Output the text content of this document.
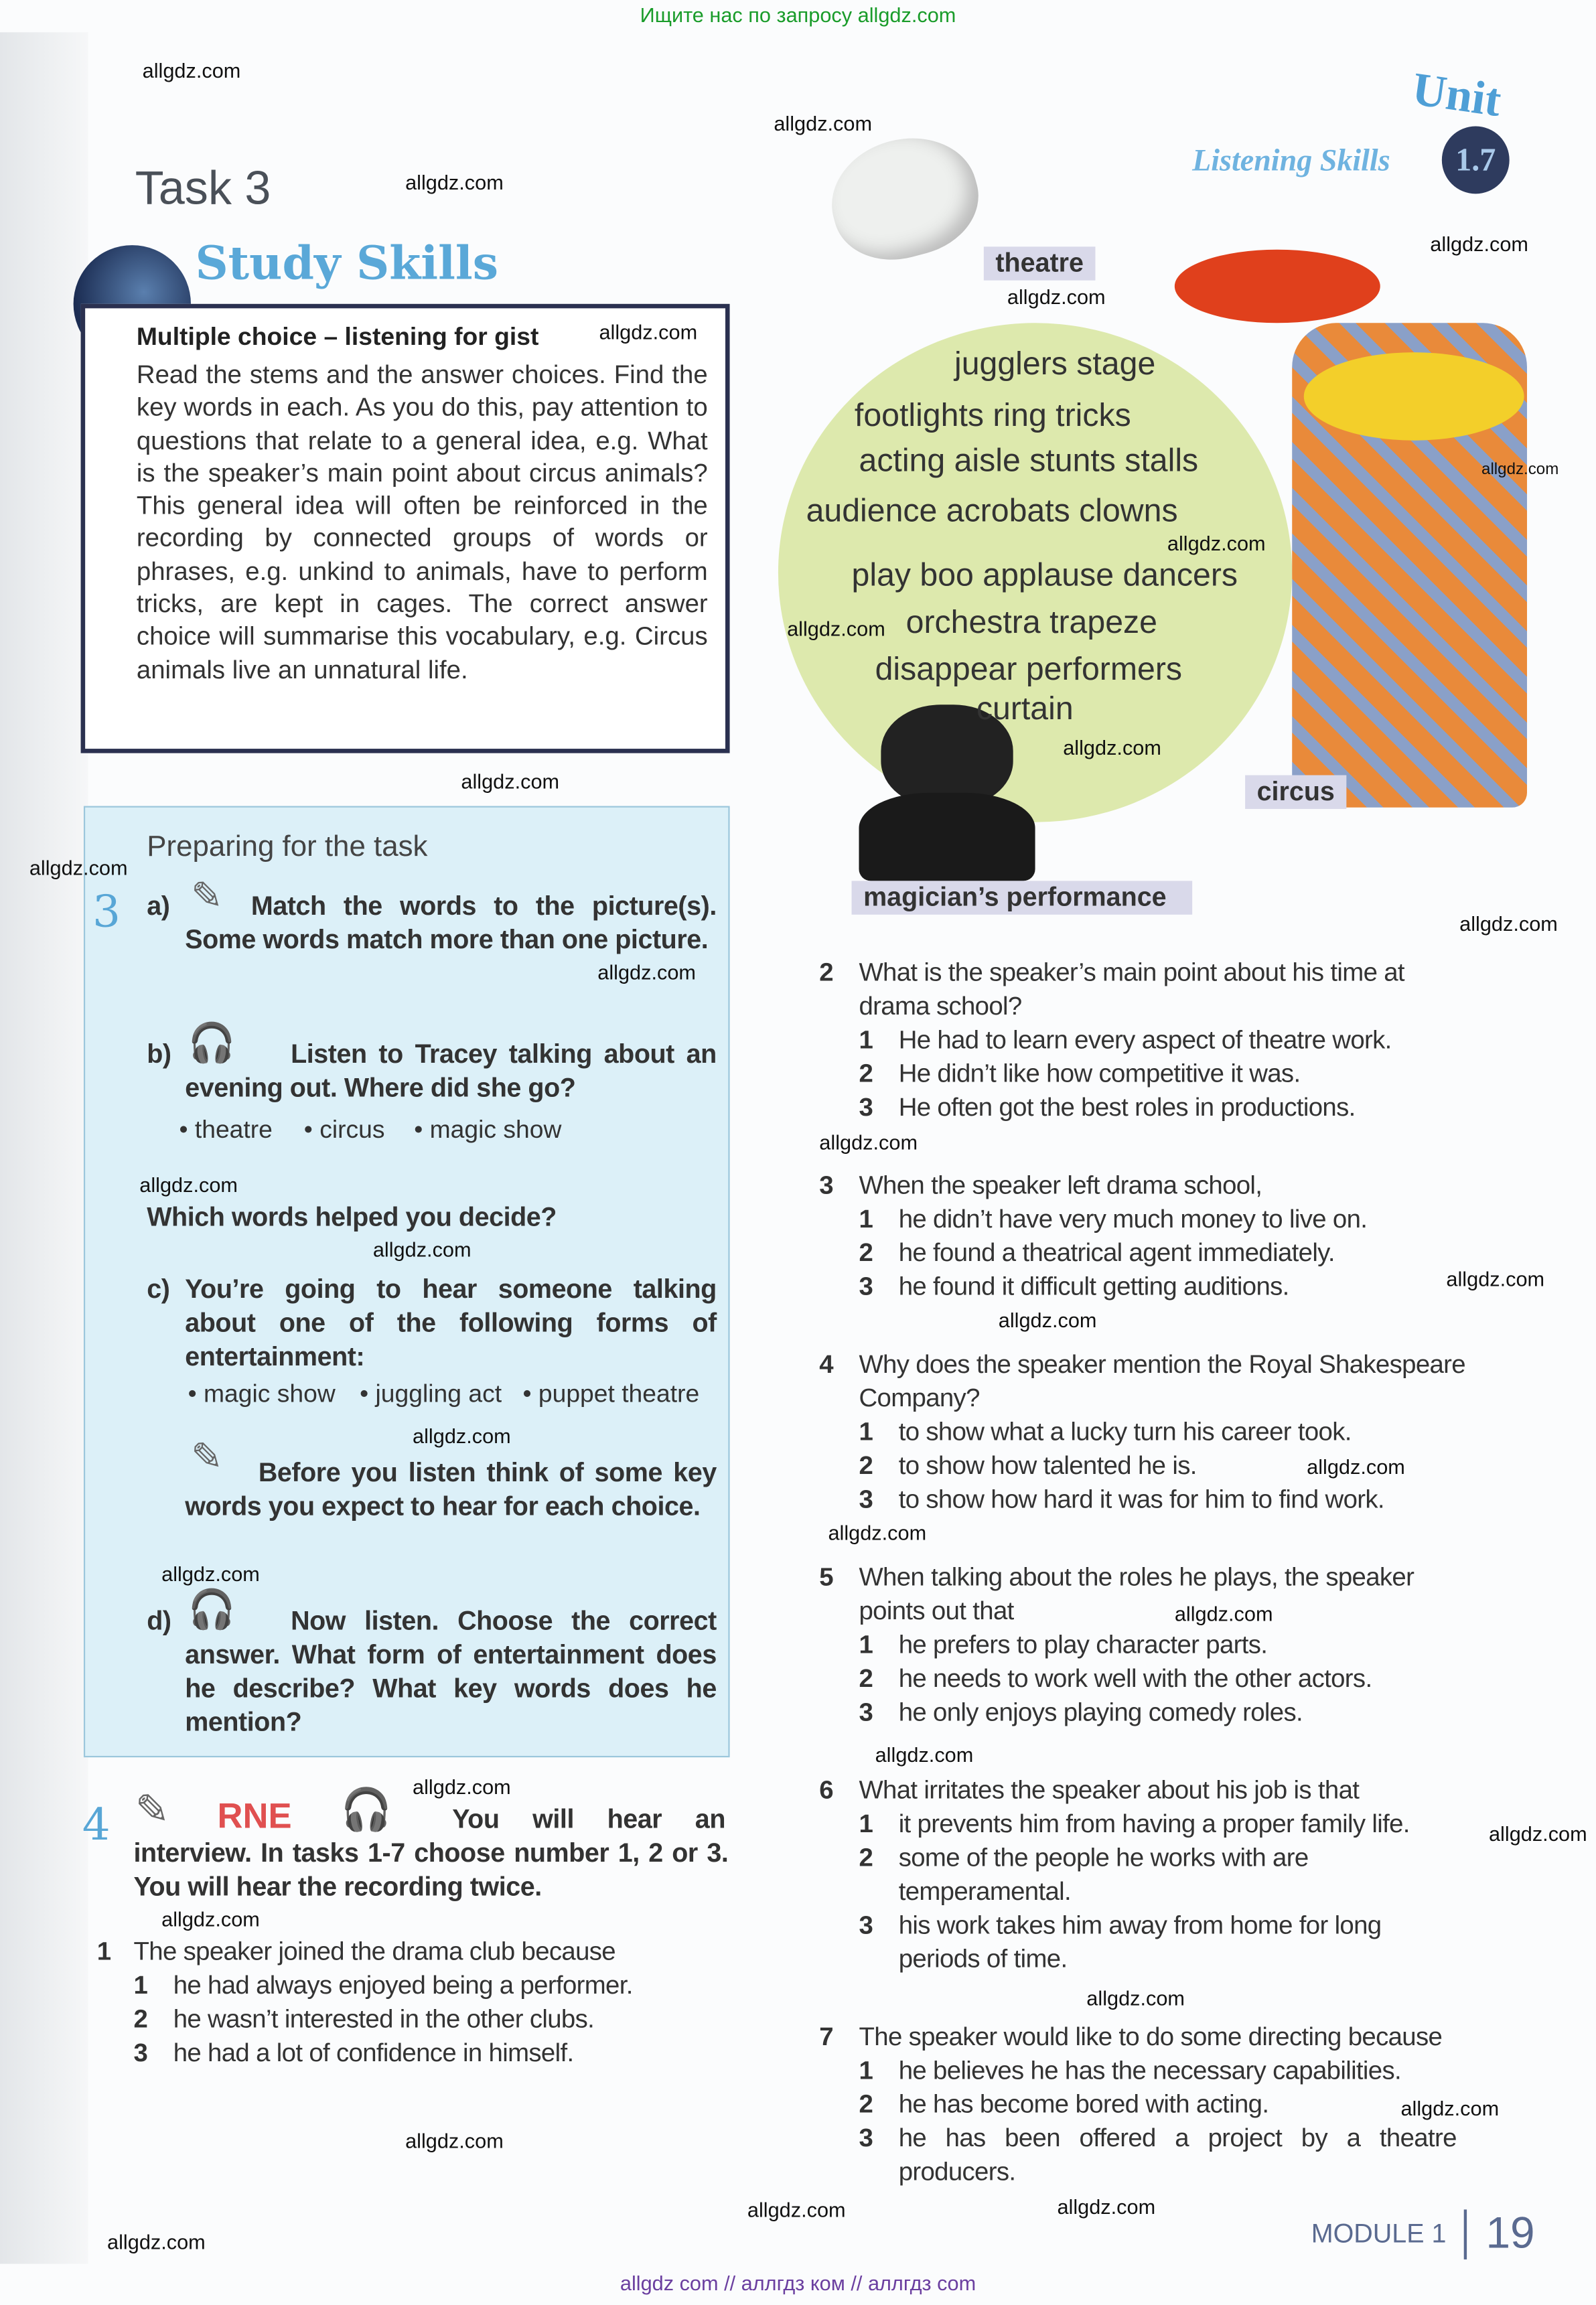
Ищите нас по запросу allgdz.com
Listening Skills
Unit
1.7
Task 3
Multiple choice – listening for gist

Read the stems and the answer choices. Find the key words in each. As you do this, pay attention to questions that relate to a general idea, e.g. What is the speaker’s main point about circus animals? This general idea will often be reinforced in the recording by connected groups of words or phrases, e.g. unkind to animals, have to perform tricks, are kept in cages. The correct answer choice will summarise this vocabulary, e.g. Circus animals live an unnatural life.

Study Skills
Preparing for the task
3 a) ✎	Match the words to the picture(s). Some words match more than one picture.
b) 🎧	Listen to Tracey talking about an evening out. Where did she go?
• theatre	• circus	• magic show
Which words helped you decide?
c) You’re going to hear someone talking about one of the following forms of entertainment:
• magic show • juggling act • puppet theatre
✎	Before you listen think of some key words you expect to hear for each choice.
d) 🎧	Now listen. Choose the correct answer. What form of entertainment does he describe? What key words does he mention?
4 ✎	RNE	🎧	You will hear an
interview. In tasks 1-7 choose number 1, 2 or 3. You will hear the recording twice.
allgdz.com
1 The speaker joined the drama club because
1 he had always enjoyed being a performer.
2 he wasn’t interested in the other clubs.
3 he had a lot of confidence in himself.
jugglers stage
footlights ring tricks
acting aisle stunts stalls
audience acrobats clowns
play boo applause dancers
orchestra trapeze
disappear performers
curtain
theatre
circus
magician’s performance
2 What is the speaker’s main point about his time at drama school?
1 He had to learn every aspect of theatre work.
2 He didn’t like how competitive it was.
3 He often got the best roles in productions.
3 When the speaker left drama school,
1 he didn’t have very much money to live on.
2 he found a theatrical agent immediately.
3 he found it difficult getting auditions.
4 Why does the speaker mention the Royal Shakespeare Company?
1 to show what a lucky turn his career took.
2 to show how talented he is.
3 to show how hard it was for him to find work.
5 When talking about the roles he plays, the speaker points out that
1 he prefers to play character parts.
2 he needs to work well with the other actors.
3 he only enjoys playing comedy roles.
6 What irritates the speaker about his job is that
1 it prevents him from having a proper family life.
2 some of the people he works with are temperamental.
3 his work takes him away from home for long periods of time.
7 The speaker would like to do some directing because
1 he believes he has the necessary capabilities.
2 he has become bored with acting.
3 he has been offered a project by a theatre producers.
MODULE 1 19
allgdz.com
allgdz.com
allgdz.com
allgdz.com
allgdz.com
allgdz.com
allgdz.com
allgdz.com
allgdz.com
allgdz.com
allgdz.com
allgdz.com
allgdz.com
allgdz.com
allgdz.com
allgdz.com
allgdz.com
allgdz.com
allgdz.com
allgdz.com
allgdz.com
allgdz.com
allgdz.com
allgdz.com
allgdz.com
allgdz.com
allgdz.com
allgdz.com
allgdz.com
allgdz.com
allgdz.com
allgdz.com
allgdz.com
allgdz com // аллгдз ком // аллгдз com
